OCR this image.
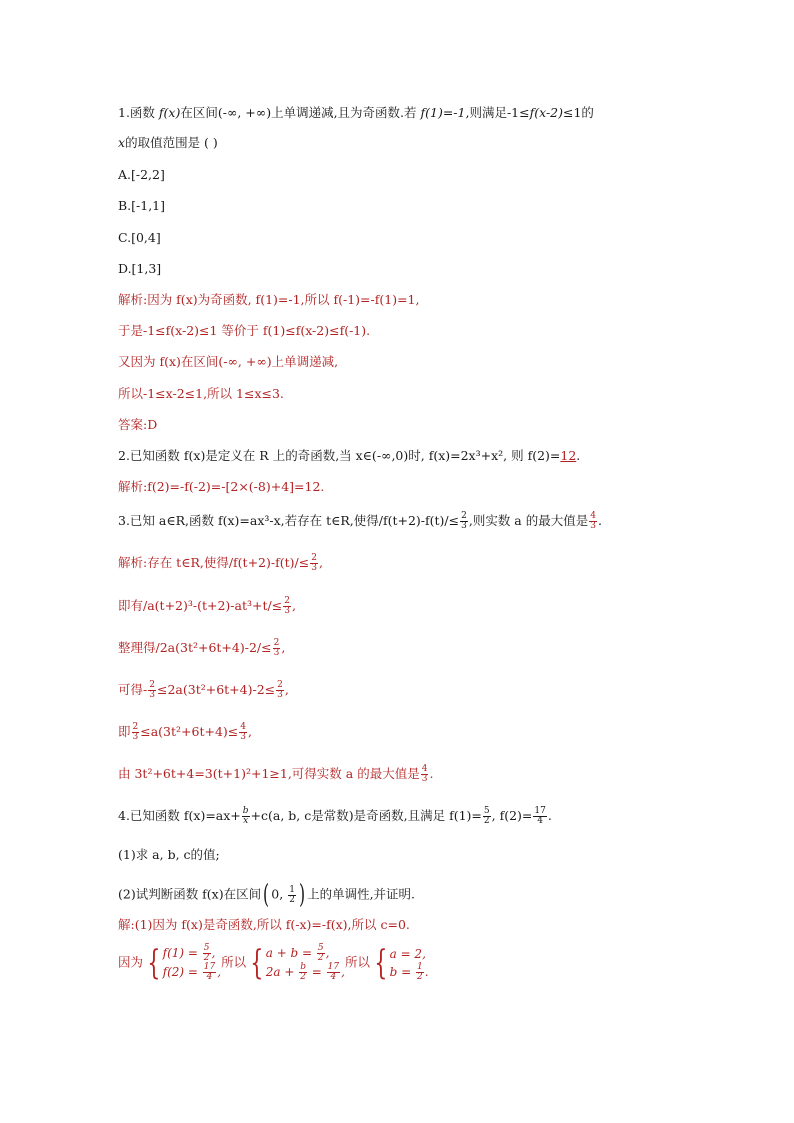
1.函数 f(x)在区间(-∞, +∞)上单调递减,且为奇函数.若 f(1)=-1,则满足-1≤f(x-2)≤1的
x的取值范围是 ( )
A.[-2,2]
B.[-1,1]
C.[0,4]
D.[1,3]
解析:因为 f(x)为奇函数, f(1)=-1,所以 f(-1)=-f(1)=1,
于是-1≤f(x-2)≤1 等价于 f(1)≤f(x-2)≤f(-1).
又因为 f(x)在区间(-∞, +∞)上单调递减,
所以-1≤x-2≤1,所以 1≤x≤3.
答案:D
2.已知函数 f(x)是定义在 R 上的奇函数,当 x∈(-∞,0)时, f(x)=2x³+x², 则 f(2)=12.
解析:f(2)=-f(-2)=-[2×(-8)+4]=12.
3.已知 a∈R,函数 f(x)=ax³-x,若存在 t∈R,使得$/f(t+2)-f(t)/\le \frac{2}{3}$ ,则实数 a 的最大值是 $\frac{4}{3}$ .
解析:存在 t∈R,使得$/f(t+2)-f(t)/\le \frac{2}{3}$ ,
即有$/a(t+2)^3-(t+2)-at^3+t/\le \frac{2}{3}$ ,
整理得$/2a(3t^2+6t+4)-2/\le \frac{2}{3}$ ,
可得- $\frac{2}{3} \le 2a(3t^2+6t+4)-2\le \frac{2}{3}$ ,
即 $\frac{2}{3} \le a(3t^2+6t+4)\le \frac{4}{3}$ ,
由 3t²+6t+4=3(t+1)²+1≥1,可得实数 a 的最大值是 $\frac{4}{3}$ .
4.已知函数 $f(x)=ax+ \frac{b}{x} +c(a$, b, c是常数)是奇函数,且满足 $f(1)= \frac{5}{2}$ , $f(2)= \frac{17}{4}$ .
(1)求 a, b, c的值;
(2)试判断函数 f(x)在区间( 0, $\frac{1}{2}$ ) 上的单调性,并证明.
解:(1)因为 f(x)是奇函数,所以 f(-x)=-f(x),所以 c=0.
因为 { $f(1) = \frac{5}{2}$ ,
$f(2) = \frac{17}{4}$ ,
所以 { $a + b = \frac{5}{2}$ ,
$2a + \frac{b}{2} = \frac{17}{4}$ ,
所以 { a = 2,
$b = \frac{1}{2}$ .
